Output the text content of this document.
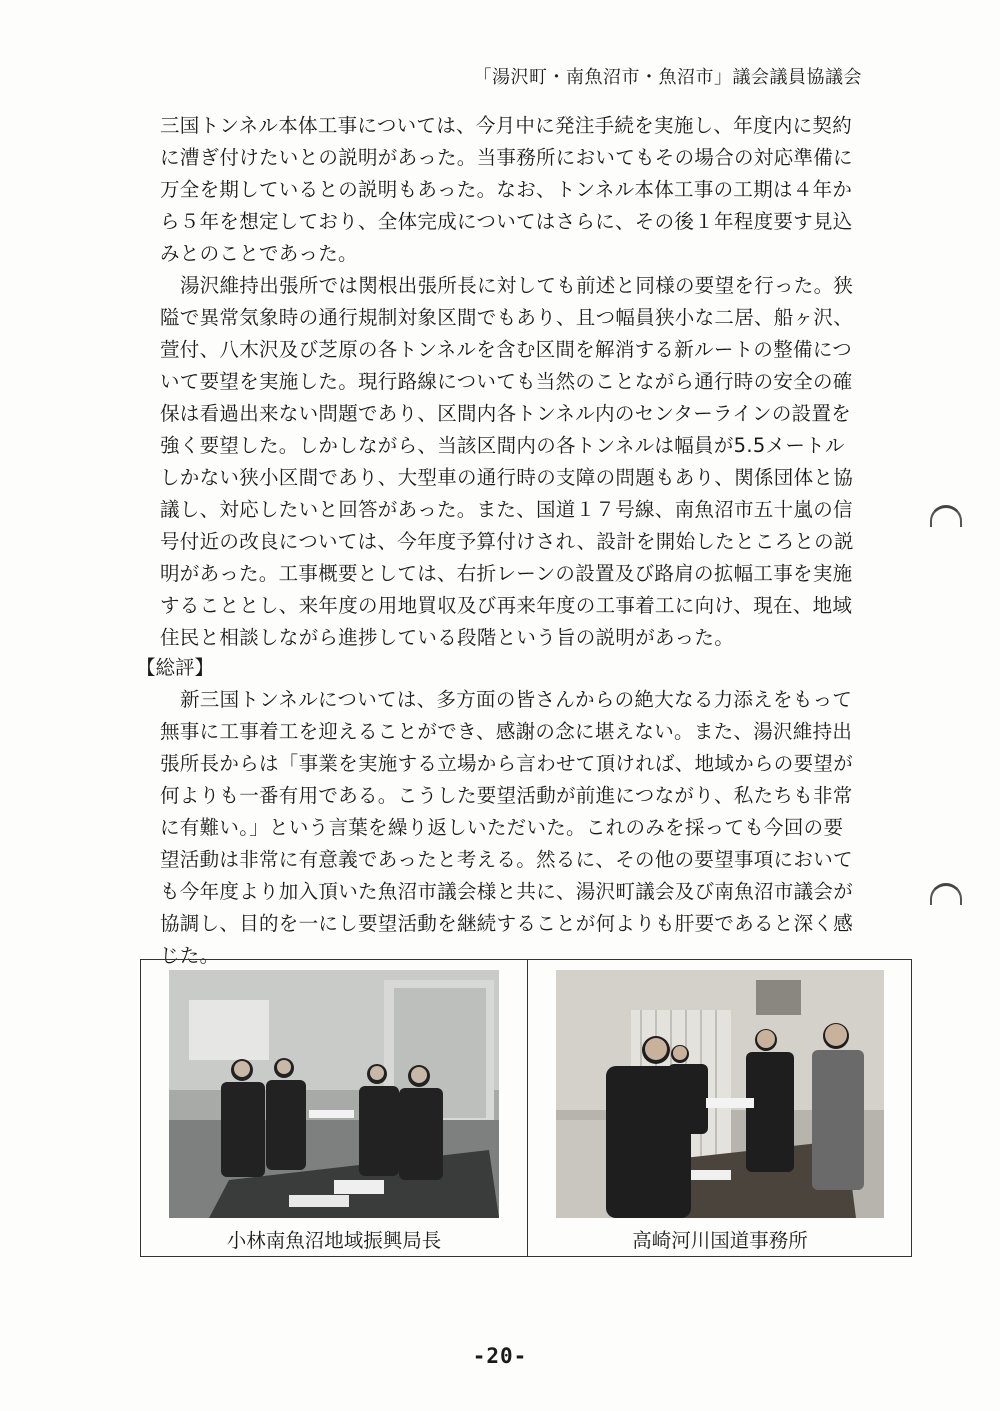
「湯沢町・南魚沼市・魚沼市」議会議員協議会

三国トンネル本体工事については、今月中に発注手続を実施し、年度内に契約に漕ぎ付けたいとの説明があった。当事務所においてもその場合の対応準備に万全を期しているとの説明もあった。なお、トンネル本体工事の工期は４年から５年を想定しており、全体完成についてはさらに、その後１年程度要す見込みとのことであった。

湯沢維持出張所では関根出張所長に対しても前述と同様の要望を行った。狭隘で異常気象時の通行規制対象区間でもあり、且つ幅員狭小な二居、船ヶ沢、萱付、八木沢及び芝原の各トンネルを含む区間を解消する新ルートの整備について要望を実施した。現行路線についても当然のことながら通行時の安全の確保は看過出来ない問題であり、区間内各トンネル内のセンターラインの設置を強く要望した。しかしながら、当該区間内の各トンネルは幅員が5.5メートルしかない狭小区間であり、大型車の通行時の支障の問題もあり、関係団体と協議し、対応したいと回答があった。また、国道１７号線、南魚沼市五十嵐の信号付近の改良については、今年度予算付けされ、設計を開始したところとの説明があった。工事概要としては、右折レーンの設置及び路肩の拡幅工事を実施することとし、来年度の用地買収及び再来年度の工事着工に向け、現在、地域住民と相談しながら進捗している段階という旨の説明があった。

【総評】

新三国トンネルについては、多方面の皆さんからの絶大なる力添えをもって無事に工事着工を迎えることができ、感謝の念に堪えない。また、湯沢維持出張所長からは「事業を実施する立場から言わせて頂ければ、地域からの要望が何よりも一番有用である。こうした要望活動が前進につながり、私たちも非常に有難い。」という言葉を繰り返しいただいた。これのみを採っても今回の要望活動は非常に有意義であったと考える。然るに、その他の要望事項においても今年度より加入頂いた魚沼市議会様と共に、湯沢町議会及び南魚沼市議会が協調し、目的を一にし要望活動を継続することが何よりも肝要であると深く感じた。

小林南魚沼地域振興局長	高崎河川国道事務所
-20-
